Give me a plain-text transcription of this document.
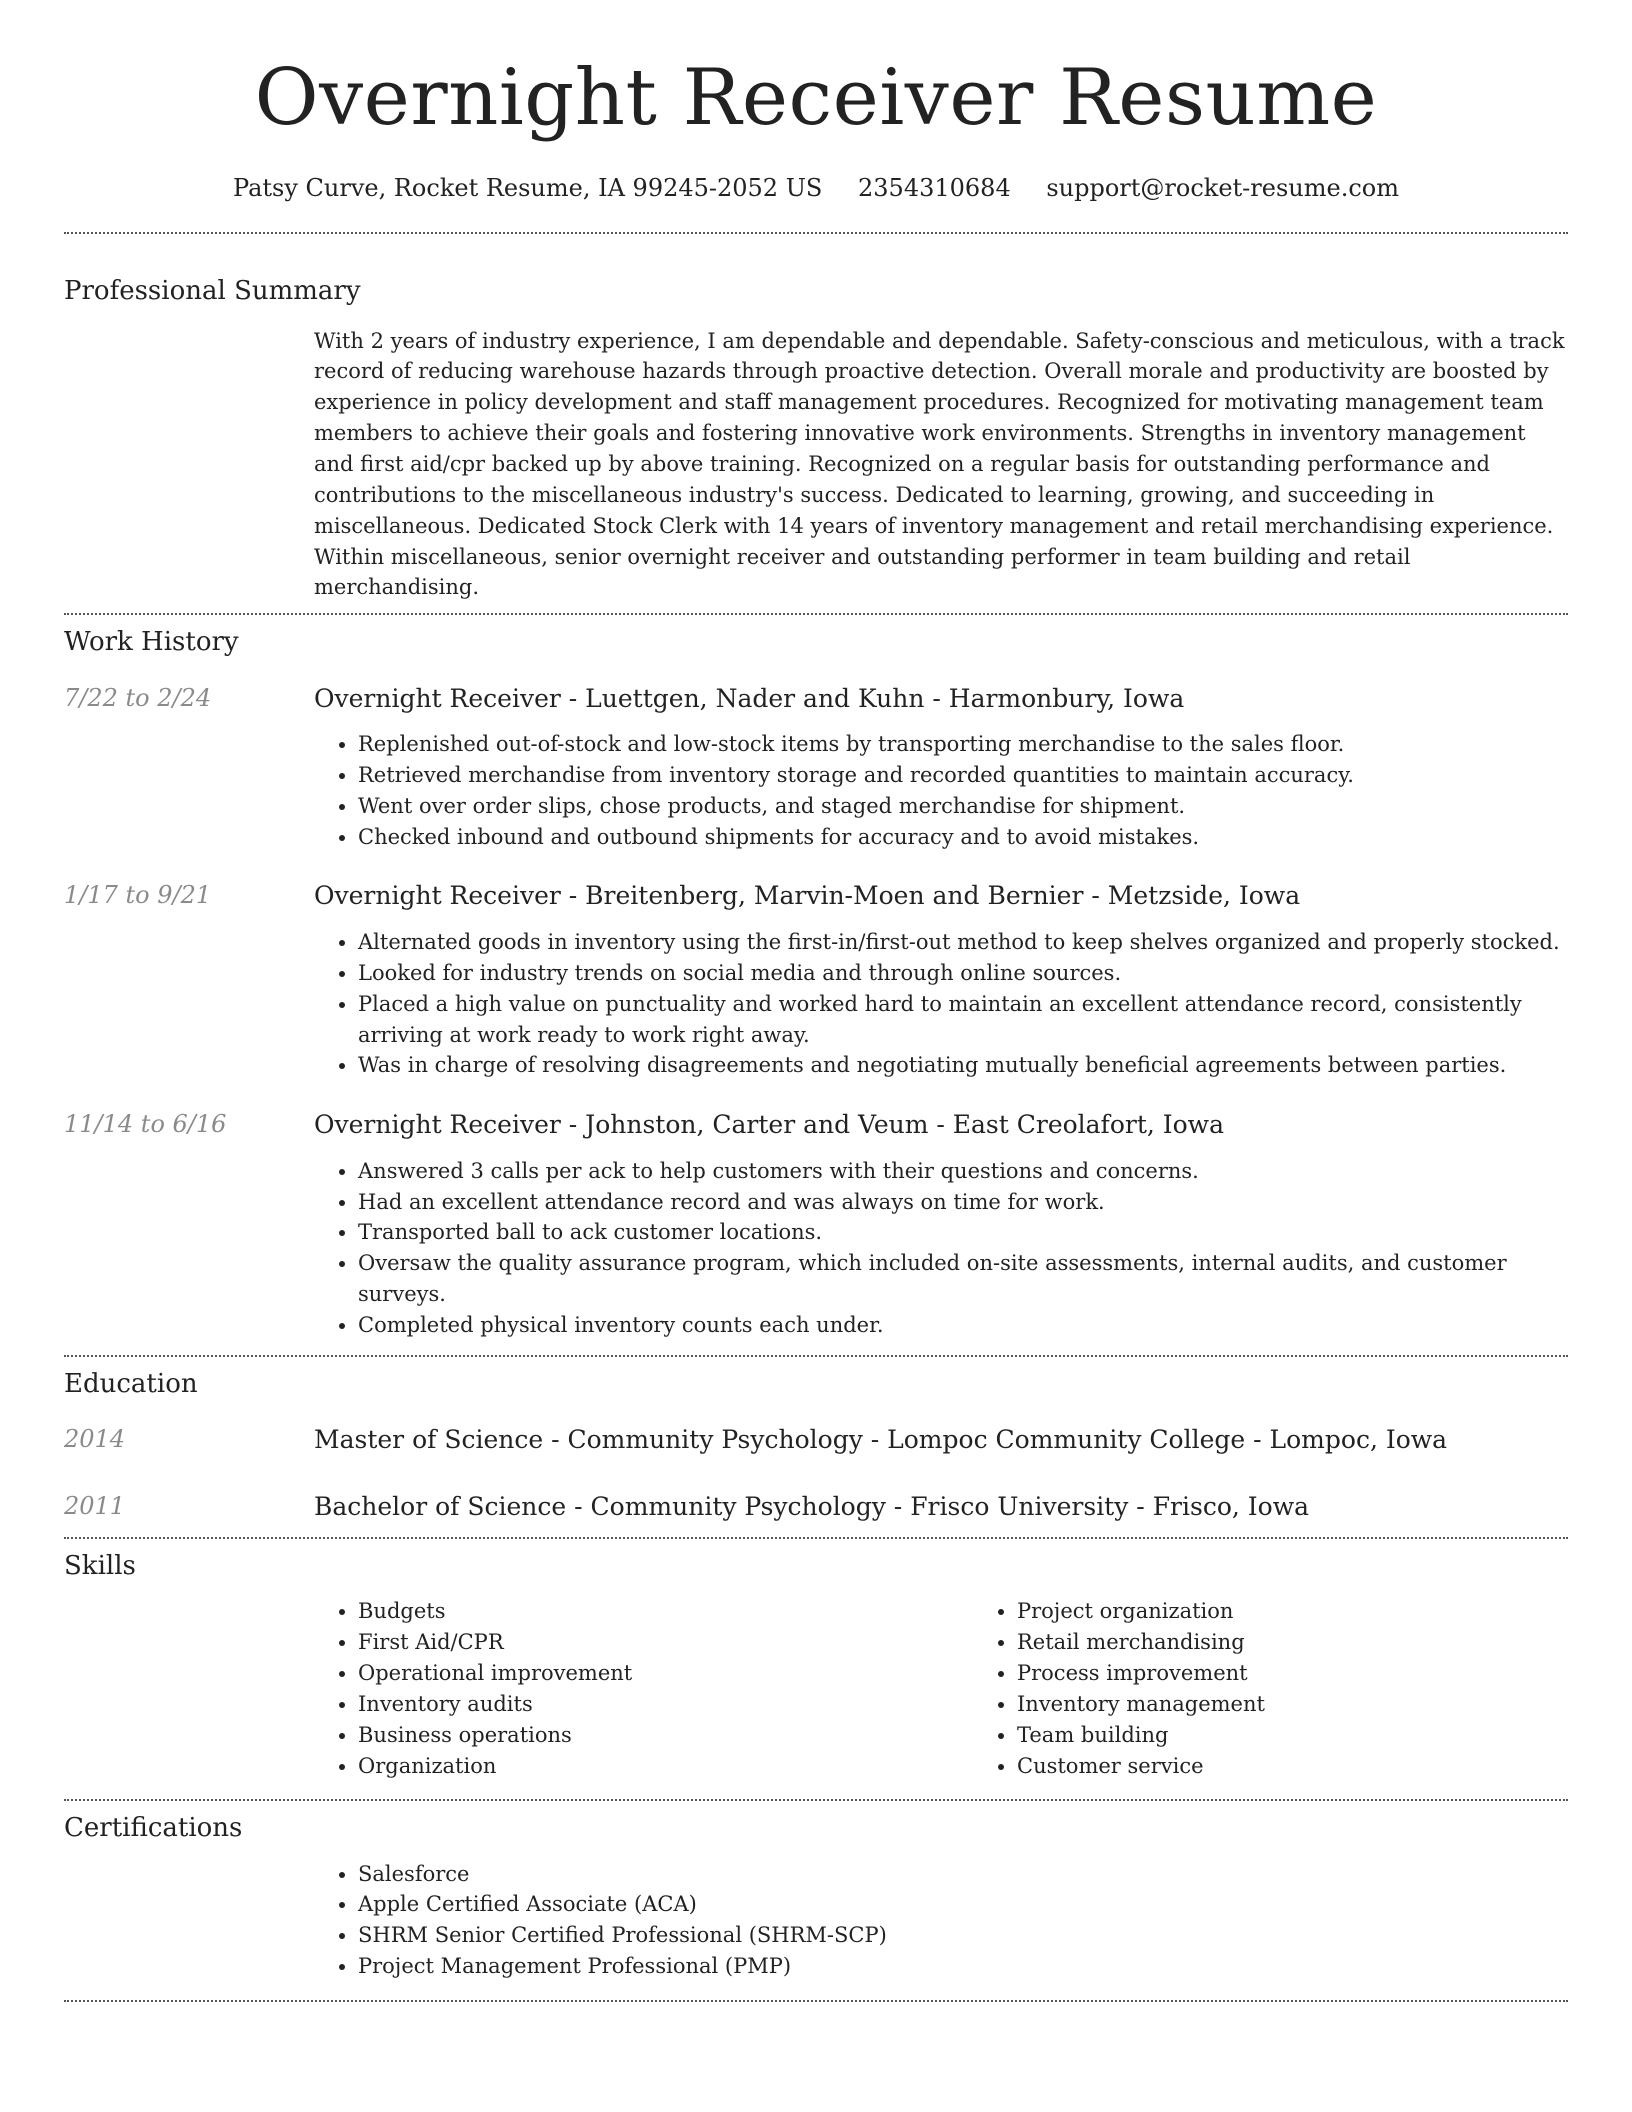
Overnight Receiver Resume
Patsy Curve, Rocket Resume, IA 99245-2052 US 2354310684 support@rocket-resume.com
Professional Summary

With 2 years of industry experience, I am dependable and dependable. Safety-conscious and meticulous, with a track record of reducing warehouse hazards through proactive detection. Overall morale and productivity are boosted by experience in policy development and staff management procedures. Recognized for motivating management team members to achieve their goals and fostering innovative work environments. Strengths in inventory management and first aid/cpr backed up by above training. Recognized on a regular basis for outstanding performance and contributions to the miscellaneous industry's success. Dedicated to learning, growing, and succeeding in miscellaneous. Dedicated Stock Clerk with 14 years of inventory management and retail merchandising experience. Within miscellaneous, senior overnight receiver and outstanding performer in team building and retail merchandising.

Work History
7/22 to 2/24	Overnight Receiver - Luettgen, Nader and Kuhn - Harmonbury, Iowa
• Replenished out-of-stock and low-stock items by transporting merchandise to the sales floor.
• Retrieved merchandise from inventory storage and recorded quantities to maintain accuracy.
• Went over order slips, chose products, and staged merchandise for shipment.
• Checked inbound and outbound shipments for accuracy and to avoid mistakes.
1/17 to 9/21	Overnight Receiver - Breitenberg, Marvin-Moen and Bernier - Metzside, Iowa
• Alternated goods in inventory using the first-in/first-out method to keep shelves organized and properly stocked.
• Looked for industry trends on social media and through online sources.
• Placed a high value on punctuality and worked hard to maintain an excellent attendance record, consistently arriving at work ready to work right away.
• Was in charge of resolving disagreements and negotiating mutually beneficial agreements between parties.
11/14 to 6/16	Overnight Receiver - Johnston, Carter and Veum - East Creolafort, Iowa
• Answered 3 calls per ack to help customers with their questions and concerns.
• Had an excellent attendance record and was always on time for work.
• Transported ball to ack customer locations.
• Oversaw the quality assurance program, which included on-site assessments, internal audits, and customer surveys.
• Completed physical inventory counts each under.
Education
2014	Master of Science - Community Psychology - Lompoc Community College - Lompoc, Iowa
2011	Bachelor of Science - Community Psychology - Frisco University - Frisco, Iowa
Skills
• Budgets
• First Aid/CPR
• Operational improvement
• Inventory audits
• Business operations
• Organization
• Project organization
• Retail merchandising
• Process improvement
• Inventory management
• Team building
• Customer service
Certifications
• Salesforce
• Apple Certified Associate (ACA)
• SHRM Senior Certified Professional (SHRM-SCP)
• Project Management Professional (PMP)
